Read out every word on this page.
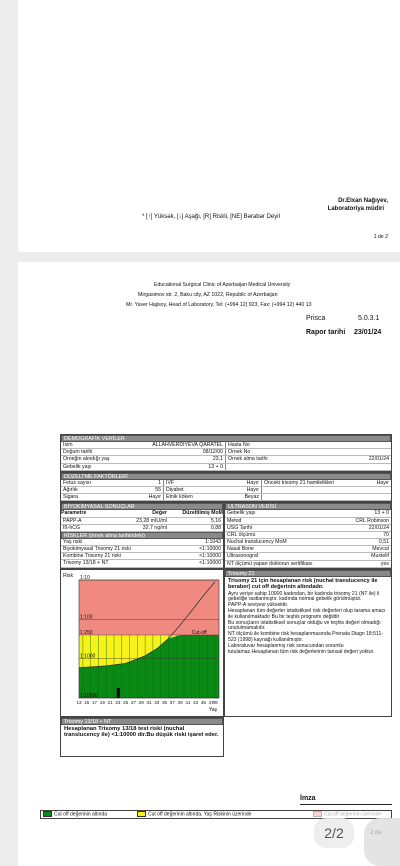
Dr.Elxan Nağıyev,
Laboratoriya müdiri
* [↑] Yüksək, [↓] Aşağı, [R] Riskli, [NE] Bərabər Deyil
1 de 2
Educational Surgical Clinic of Azerbaijan Medical University
Mirgasimov str. 2, Baku city, AZ 1022, Republic of Azerbaijan
Mr. Yaver Hajisoy, Head of Laboratory, Tel: (+994 12) 923, Fax: (+994 12) 440 13
Prisca	5.0.3.1
Rapor tarihi 23/01/24
DEMOGRAFİK VERİLER
İsim	ALLAHVERDİYEVA QARATEL Hasta No
Doğum tarihi	08/12/00 Örnek No
Örneğin alındığı yaş	23,1 Örnek alma tarihi	22/01/24
Gebelik yaşı	13 + 0
DÜZELTME FAKTÖRLERİ
Fetus sayısı	1 IVF	Hayır Önceki trisomy 21 hamilelikleri	Hayır
Ağırlık	55 Diyabet	Hayır
Sigara	Hayır Etnik köken	Beyaz
BİYOKİMYASAL SONUÇLAR
Parametre	Değer	Düzeltilmiş MoM
PAPP-A	23,28 mIU/ml	5,16
fß-hCG	32,7 ng/ml	0,88
RİSKLER (örnek alma tarihindeki)
Yaş riski	1:1043
Biyokimyasal Trisomy 21 riski	<1:10000
Kombine Trisomy 21 riski	<1:10000
Trisomy 13/18 + NT	<1:10000
ULTRASON VERİSİ
Gebelik yaşı	13 + 0
Metod	CRL Robinson
USG Tarihi	22/01/24
CRL ölçümü	70
Nuchal translucency MoM	0,51
Nasal Bone	Mevcut
Ultrasonograf	Muxtelif
NT ölçümü yapan doktorun sertifikası	yes
1:10
1:100
1:250
1:1000
1:10000
Cut-off
Risk
13 15 17 19 21 23 25 27 29 31 33 35 37 39 41 43 45 47
48
Yaş
Trisomy 21
Trisomy 21 için hesaplanan risk (nuchal translucency ile beraber) cut off değerinin altındadır.
Aynı veriye sahip 10000 kadından, bir kadında trisomy 21 (NT ile) li gebeliğe rastlanmıştır. kadında normal gebelik görülmüştür.
PAPP-A seviyesi yüksektir.
Hesaplanan tüm değerler istatistiksel risk değerleri olup tarama amacı ile kullanılmaktadır Bu bir teşhis programı değildir
Bu sonuçların istatistiksel sonuçlar olduğu ve teşhis değeri olmadığı unutulmamalıdır.
NT ölçümü ile kombine risk hesaplanmasında Prenata Diagn 18:511-523 (1998) kaynağı kullanılmıştır.
Laboratuvar hesaplanmış risk sonucundan sorumlu tutulamaz.Hesaplanan tüm risk değerlerinin tanısal değeri yoktur.
Trisomy 13/18 + NT
Hesaplanan Trisomy 13/18 test riski (nuchal translucency ile) <1:10000 dir.Bu düşük riski işaret eder.
İmza
Cut off değerinin altında	Cut off değerinin altında, Yaş Riskinin üzerinde	Cut off değerinin üzerinde
2/2	2 de
